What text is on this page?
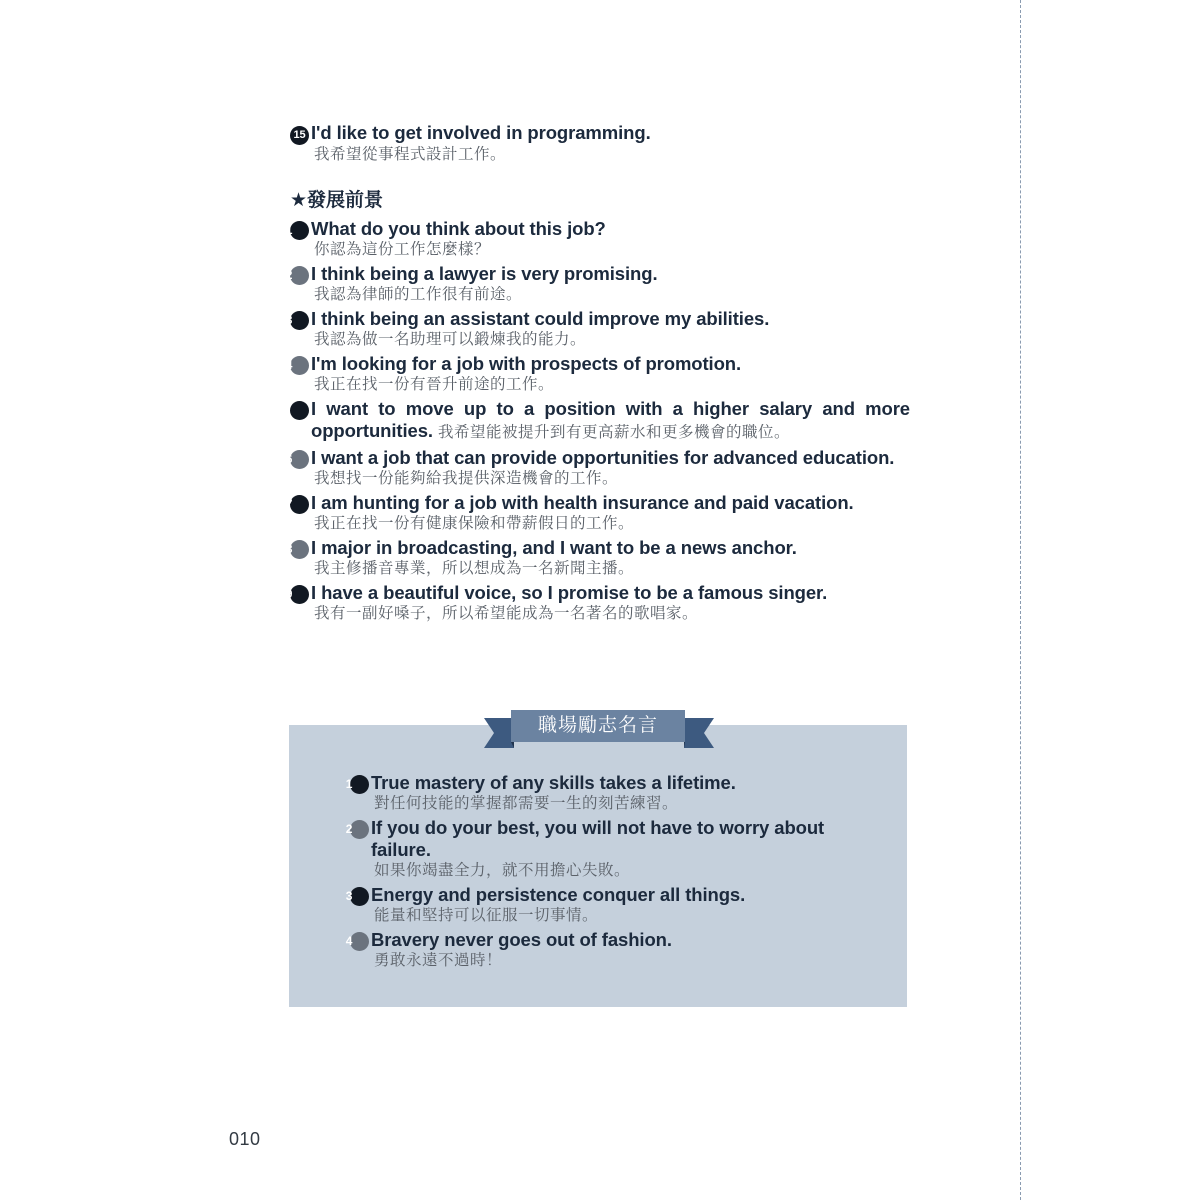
15 I'd like to get involved in programming.
我希望從事程式設計工作。
★發展前景
1 What do you think about this job?
你認為這份工作怎麼樣？
2 I think being a lawyer is very promising.
我認為律師的工作很有前途。
3 I think being an assistant could improve my abilities.
我認為做一名助理可以鍛煉我的能力。
4 I'm looking for a job with prospects of promotion.
我正在找一份有晉升前途的工作。
5 I want to move up to a position with a higher salary and more opportunities. 我希望能被提升到有更高薪水和更多機會的職位。
6 I want a job that can provide opportunities for advanced education.
我想找一份能夠給我提供深造機會的工作。
7 I am hunting for a job with health insurance and paid vacation.
我正在找一份有健康保險和帶薪假日的工作。
8 I major in broadcasting, and I want to be a news anchor.
我主修播音專業，所以想成為一名新聞主播。
9 I have a beautiful voice, so I promise to be a famous singer.
我有一副好嗓子，所以希望能成為一名著名的歌唱家。
職場勵志名言
1 True mastery of any skills takes a lifetime.
對任何技能的掌握都需要一生的刻苦練習。
2 If you do your best, you will not have to worry about failure.
如果你竭盡全力，就不用擔心失敗。
3 Energy and persistence conquer all things.
能量和堅持可以征服一切事情。
4 Bravery never goes out of fashion.
勇敢永遠不過時！
010
